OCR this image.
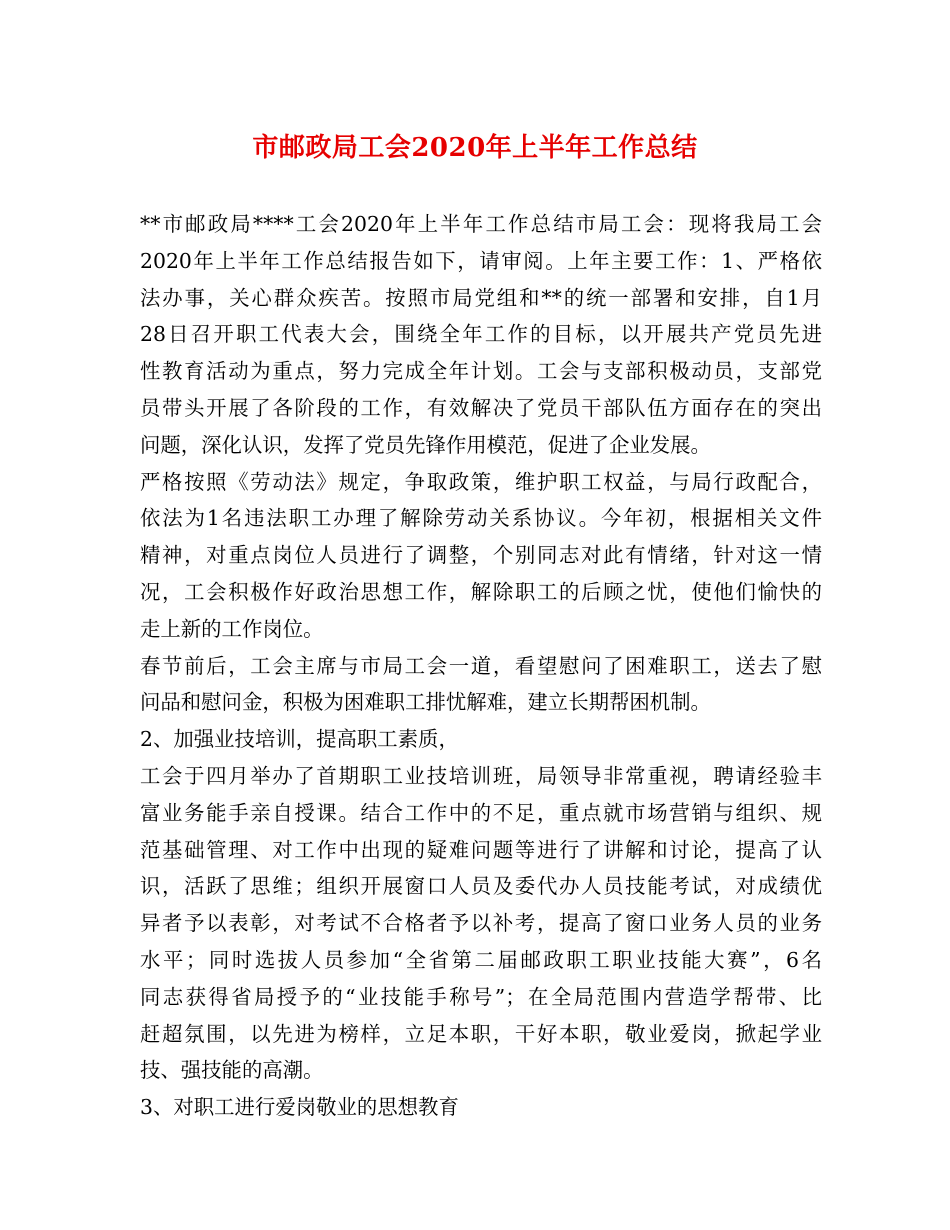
市邮政局工会2020年上半年工作总结
**市邮政局****工会2020年上半年工作总结市局工会：现将我局工会
2020年上半年工作总结报告如下，请审阅。上年主要工作：1、严格依
法办事，关心群众疾苦。按照市局党组和**的统一部署和安排，自1月
28日召开职工代表大会，围绕全年工作的目标，以开展共产党员先进
性教育活动为重点，努力完成全年计划。工会与支部积极动员，支部党
员带头开展了各阶段的工作，有效解决了党员干部队伍方面存在的突出
问题，深化认识，发挥了党员先锋作用模范，促进了企业发展。
严格按照《劳动法》规定，争取政策，维护职工权益，与局行政配合，
依法为1名违法职工办理了解除劳动关系协议。今年初，根据相关文件
精神，对重点岗位人员进行了调整，个别同志对此有情绪，针对这一情
况，工会积极作好政治思想工作，解除职工的后顾之忧，使他们愉快的
走上新的工作岗位。
春节前后，工会主席与市局工会一道，看望慰问了困难职工，送去了慰
问品和慰问金，积极为困难职工排忧解难，建立长期帮困机制。
2、加强业技培训，提高职工素质，
工会于四月举办了首期职工业技培训班，局领导非常重视，聘请经验丰
富业务能手亲自授课。结合工作中的不足，重点就市场营销与组织、规
范基础管理、对工作中出现的疑难问题等进行了讲解和讨论，提高了认
识，活跃了思维；组织开展窗口人员及委代办人员技能考试，对成绩优
异者予以表彰，对考试不合格者予以补考，提高了窗口业务人员的业务
水平；同时选拔人员参加“全省第二届邮政职工职业技能大赛”，6名
同志获得省局授予的“业技能手称号”；在全局范围内营造学帮带、比
赶超氛围，以先进为榜样，立足本职，干好本职，敬业爱岗，掀起学业
技、强技能的高潮。
3、对职工进行爱岗敬业的思想教育
